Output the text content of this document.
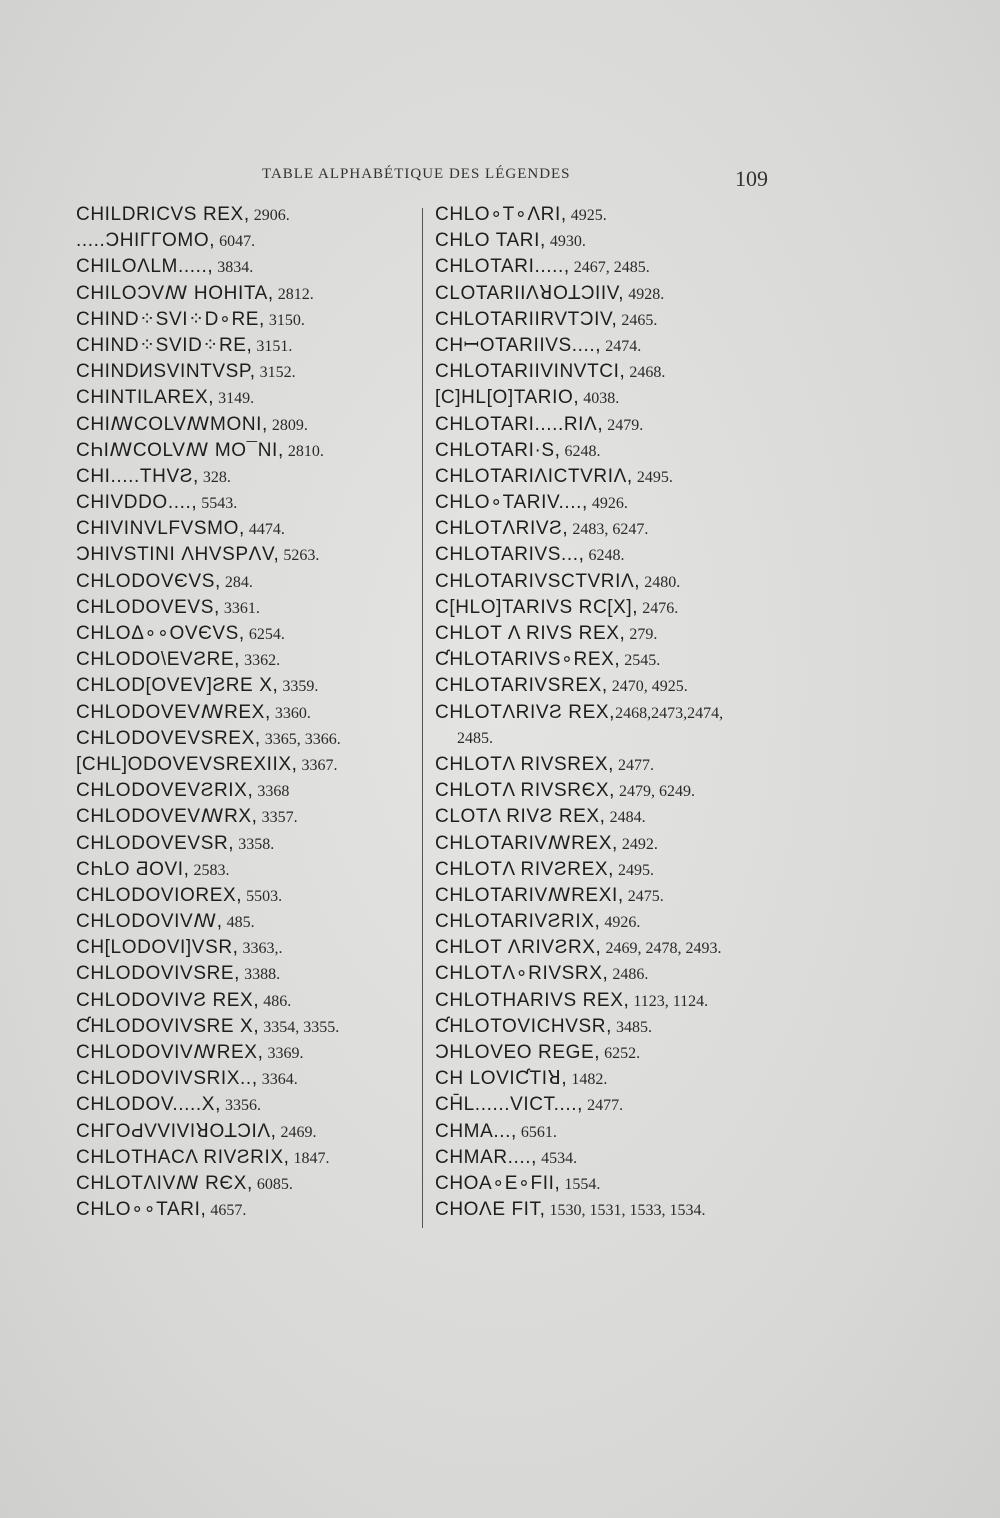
TABLE ALPHABÉTIQUE DES LÉGENDES	109
CHILDRICVS REX, 2906.
.....ƆHIΓΓOMO, 6047.
CHILOΛLM....., 3834.
CHILOƆVꟿ HOHITA, 2812.
CHIND⁘SVI⁘D∘RE, 3150.
CHIND⁘SVID⁘RE, 3151.
CHINDИSVINTVSP, 3152.
CHINTILAREX, 3149.
CHIꟿCOLVꟿMONI, 2809.
CҺIꟿCOLVꟿ MO¯NI, 2810.
CHI.....THVƧ, 328.
CHIVDDO...., 5543.
CHIVINVLFVSMO, 4474.
ƆHIVSTINI ΛHVSPΛV, 5263.
CHLODOVЄVS, 284.
CHLODOVEVS, 3361.
CHLOΔ∘∘OVЄVS, 6254.
CHLODO\EVƧRE, 3362.
CHLOD[OVEV]ƧRE X, 3359.
CHLODOVEVꟿREX, 3360.
CHLODOVEVSREX, 3365, 3366.
[CHL]ODOVEVSREXIIX, 3367.
CHLODOVEVƧRIX, 3368
CHLODOVEVꟿRX, 3357.
CHLODOVEVSR, 3358.
CҺLO ƋOVI, 2583.
CHLODOVIOREX, 5503.
CHLODOVIVꟿ, 485.
CH[LODOVI]VSR, 3363,.
CHLODOVIVSRE, 3388.
CHLODOVIVƧ REX, 486.
ƇHLODOVIVSRE X, 3354, 3355.
CHLODOVIVꟿREX, 3369.
CHLODOVIVSRIX.., 3364.
CHLODOV.....X, 3356.
CHΓOԀVVIVIꓤOꓕƆIΛ, 2469.
CHLOTHACΛ RIVƧRIX, 1847.
CHLOTΛIVꟿ RЄX, 6085.
CHLO∘∘TARI, 4657.
CHLO∘T∘ΛRI, 4925.
CHLO TARI, 4930.
CHLOTARI....., 2467, 2485.
CLOTARIIΛꓤOꓕƆIIV, 4928.
CHLOTARIIRVTƆIV, 2465.
CHꟷOTARIIVS...., 2474.
CHLOTARIIVINVTCI, 2468.
[C]HL[O]TARIO, 4038.
CHLOTARI.....RIΛ, 2479.
CHLOTARI·S, 6248.
CHLOTARIΛICTVRIΛ, 2495.
CHLO∘TARIV...., 4926.
CHLOTΛRIVƧ, 2483, 6247.
CHLOTARIVS..., 6248.
CHLOTARIVSCTVRIΛ, 2480.
C[HLO]TARIVS RC[X], 2476.
CHLOT Λ RIVS REX, 279.
ƇHLOTARIVS∘REX, 2545.
CHLOTARIVSREX, 2470, 4925.
CHLOTΛRIVƧ REX,2468,2473,2474,
2485.
CHLOTΛ RIVSREX, 2477.
CHLOTΛ RIVSRЄX, 2479, 6249.
CLOTΛ RIVƧ REX, 2484.
CHLOTARIVꟿREX, 2492.
CHLOTΛ RIVƧREX, 2495.
CHLOTARIVꟿREXI, 2475.
CHLOTARIVƧRIX, 4926.
CHLOT ΛRIVƧRX, 2469, 2478, 2493.
CHLOTΛ∘RIVSRX, 2486.
CHLOTHARIVS REX, 1123, 1124.
ƇHLOTOVICHVSR, 3485.
ƆHLOVEO REGE, 6252.
CH LOVIƇTIꓤ, 1482.
CH̄L......VICT...., 2477.
CHMA..., 6561.
CHMAR...., 4534.
CHOA∘E∘FII, 1554.
CHOΛE FIT, 1530, 1531, 1533, 1534.
